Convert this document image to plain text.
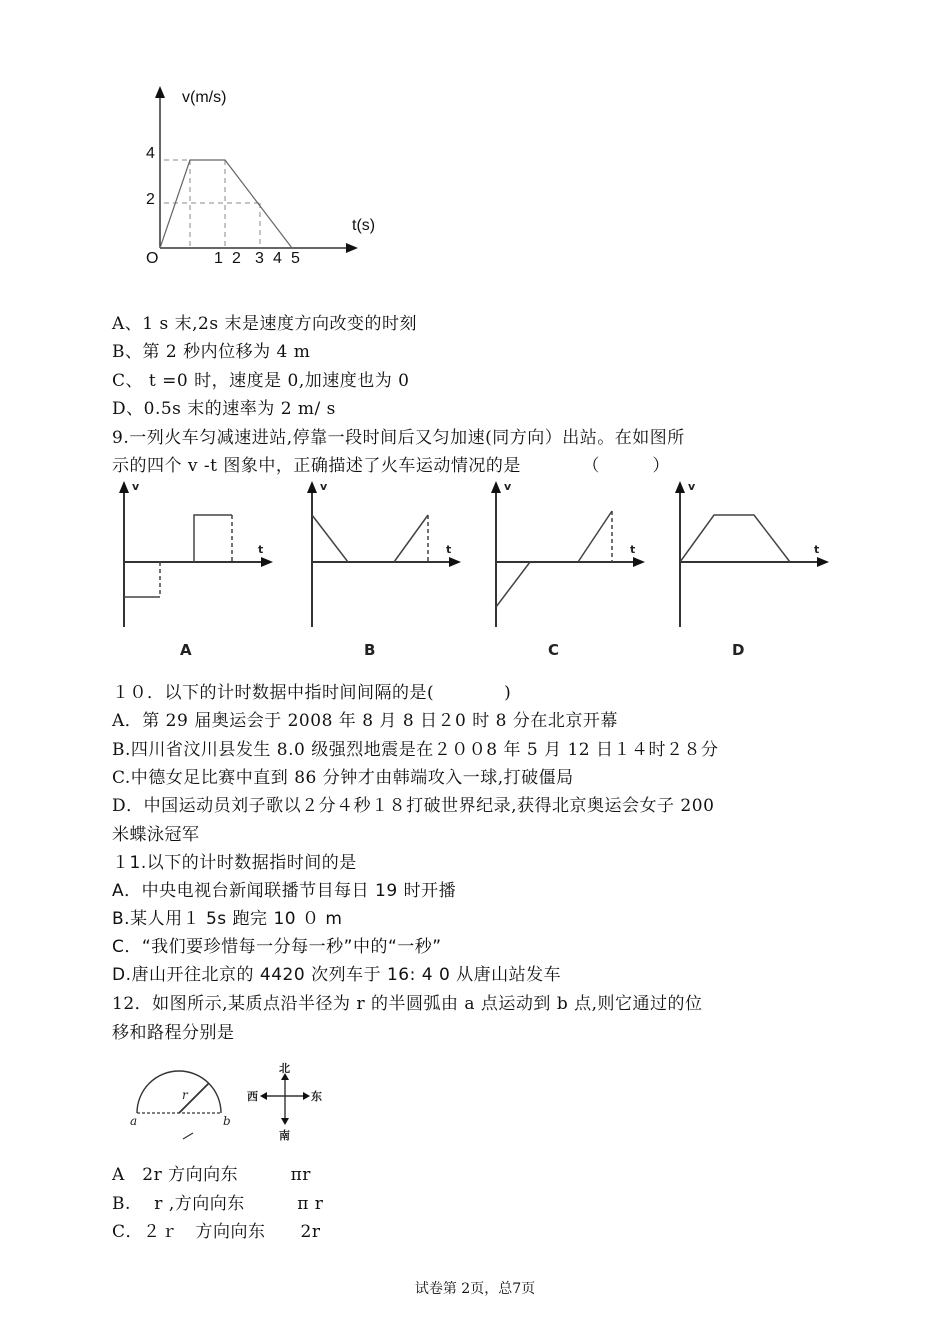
v(m/s)
t(s)
O
4
2
1 2 3 4 5
A、1 s 末,2s 末是速度方向改变的时刻
B、第 2 秒内位移为 4 m
C、 t =0 时，速度是 0,加速度也为 0
D、0.5s 末的速率为 2 m/ s
9.一列火车匀减速进站,停靠一段时间后又匀加速(同方向）出站。在如图所
示的四个 v -t 图象中，正确描述了火车运动情况的是　　　　（　　　）
v
t
A
v
t
B
v
t
C
v
t
D
１０．以下的计时数据中指时间间隔的是(　　　　)
A．第 29 届奥运会于 2008 年 8 月 8 日２0 时 8 分在北京开幕
B.四川省汶川县发生 8.0 级强烈地震是在２００8 年 5 月 12 日１４时２８分
C.中德女足比赛中直到 86 分钟才由韩端攻入一球,打破僵局
D．中国运动员刘子歌以２分４秒１８打破世界纪录,获得北京奥运会女子 200
米蝶泳冠军
１1.以下的计时数据指时间的是
A．中央电视台新闻联播节目每日 19 时开播
B.某人用１ 5s 跑完 10 ０ m
C．“我们要珍惜每一分每一秒”中的“一秒”
D.唐山开往北京的 4420 次列车于 16: 4 0 从唐山站发车
12．如图所示,某质点沿半径为 r 的半圆弧由 a 点运动到 b 点,则它通过的位
移和路程分别是
a	b
r
北
南
西	东
A　2r 方向向东　　　πr
B.　 r ,方向向东　　　π r
C．２ｒ　方向向东　　2r
试卷第 2页，总7页
